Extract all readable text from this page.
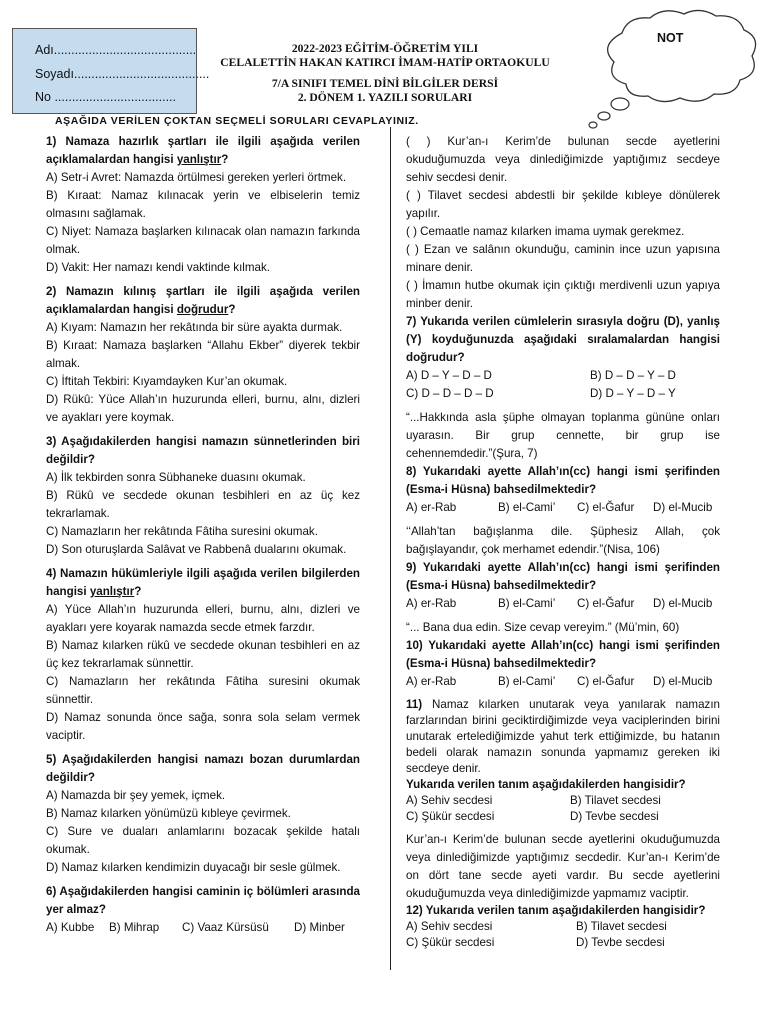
Adı.........................................
Soyadı.......................................
No ...................................
2022-2023 EĞİTİM-ÖĞRETİM YILI
CELALETTİN HAKAN KATIRCI İMAM-HATİP ORTAOKULU
7/A SINIFI TEMEL DİNİ BİLGİLER DERSİ
2. DÖNEM 1. YAZILI SORULARI
NOT
AŞAĞIDA VERİLEN ÇOKTAN SEÇMELİ SORULARI CEVAPLAYINIZ.

1) Namaza hazırlık şartları ile ilgili aşağıda verilen açıklamalardan hangisi yanlıştır?

A) Setr-i Avret: Namazda örtülmesi gereken yerleri örtmek.

B) Kıraat: Namaz kılınacak yerin ve elbiselerin temiz olmasını sağlamak.

C) Niyet: Namaza başlarken kılınacak olan namazın farkında olmak.

D) Vakit: Her namazı kendi vaktinde kılmak.

2) Namazın kılınış şartları ile ilgili aşağıda verilen açıklamalardan hangisi doğrudur?

A) Kıyam: Namazın her rekâtında bir süre ayakta durmak.

B) Kıraat: Namaza başlarken “Allahu Ekber” diyerek tekbir almak.

C) İftitah Tekbiri: Kıyamdayken Kur’an okumak.

D) Rükû: Yüce Allah’ın huzurunda elleri, burnu, alnı, dizleri ve ayakları yere koymak.

3) Aşağıdakilerden hangisi namazın sünnetlerinden biri değildir?

A) İlk tekbirden sonra Sübhaneke duasını okumak.

B) Rükû ve secdede okunan tesbihleri en az üç kez tekrarlamak.

C) Namazların her rekâtında Fâtiha suresini okumak.

D) Son oturuşlarda Salâvat ve Rabbenâ dualarını okumak.

4) Namazın hükümleriyle ilgili aşağıda verilen bilgilerden hangisi yanlıştır?

A) Yüce Allah’ın huzurunda elleri, burnu, alnı, dizleri ve ayakları yere koyarak namazda secde etmek farzdır.

B) Namaz kılarken rükû ve secdede okunan tesbihleri en az üç kez tekrarlamak sünnettir.

C) Namazların her rekâtında Fâtiha suresini okumak sünnettir.

D) Namaz sonunda önce sağa, sonra sola selam vermek vaciptir.

5) Aşağıdakilerden hangisi namazı bozan durumlardan değildir?

A) Namazda bir şey yemek, içmek.

B) Namaz kılarken yönümüzü kıbleye çevirmek.

C) Sure ve duaları anlamlarını bozacak şekilde hatalı okumak.

D) Namaz kılarken kendimizin duyacağı bir sesle gülmek.

6) Aşağıdakilerden hangisi caminin iç bölümleri arasında yer almaz?

A) Kubbe	B) Mihrap	C) Vaaz Kürsüsü	D) Minber

( ) Kur’an-ı Kerim’de bulunan secde ayetlerini okuduğumuzda veya dinlediğimizde yaptığımız secdeye sehiv secdesi denir.

( ) Tilavet secdesi abdestli bir şekilde kıbleye dönülerek yapılır.

( ) Cemaatle namaz kılarken imama uymak gerekmez.

( ) Ezan ve salânın okunduğu, caminin ince uzun yapısına minare denir.

( ) İmamın hutbe okumak için çıktığı merdivenli uzun yapıya minber denir.

7) Yukarıda verilen cümlelerin sırasıyla doğru (D), yanlış (Y) koyduğunuzda aşağıdaki sıralamalardan hangisi doğrudur?

A) D – Y – D – D	B) D – D – Y – D
C) D – D – D – D	D) D – Y – D – Y

“...Hakkında asla şüphe olmayan toplanma gününe onları uyarasın. Bir grup cennette, bir grup ise cehennemdedir.”(Şura, 7)

8) Yukarıdaki ayette Allah’ın(cc) hangi ismi şerifinden (Esma-i Hüsna) bahsedilmektedir?

A) er-Rab	B) el-Cami’	C) el-Ğafur	D) el-Mucib

‘‘Allah’tan bağışlanma dile. Şüphesiz Allah, çok bağışlayandır, çok merhamet edendir.”(Nisa, 106)

9) Yukarıdaki ayette Allah’ın(cc) hangi ismi şerifinden (Esma-i Hüsna) bahsedilmektedir?

A) er-Rab	B) el-Cami’	C) el-Ğafur	D) el-Mucib

“... Bana dua edin. Size cevap vereyim.” (Mü’min, 60)

10) Yukarıdaki ayette Allah’ın(cc) hangi ismi şerifinden (Esma-i Hüsna) bahsedilmektedir?

A) er-Rab	B) el-Cami’	C) el-Ğafur	D) el-Mucib

11) Namaz kılarken unutarak veya yanılarak namazın farzlarından birini geciktirdiğimizde veya vaciplerinden birini unutarak ertelediğimizde yahut terk ettiğimizde, bu hatanın bedeli olarak namazın sonunda yapmamız gereken iki secdeye denir.

Yukarıda verilen tanım aşağıdakilerden hangisidir?

A) Sehiv secdesi	B) Tilavet secdesi
C) Şükür secdesi	D) Tevbe secdesi

Kur’an-ı Kerim’de bulunan secde ayetlerini okuduğumuzda veya dinlediğimizde yaptığımız secdedir. Kur’an-ı Kerim’de on dört tane secde ayeti vardır. Bu secde ayetlerini okuduğumuzda veya dinlediğimizde yapmamız vaciptir.

12) Yukarıda verilen tanım aşağıdakilerden hangisidir?

A) Sehiv secdesi	B) Tilavet secdesi
C) Şükür secdesi	D) Tevbe secdesi
